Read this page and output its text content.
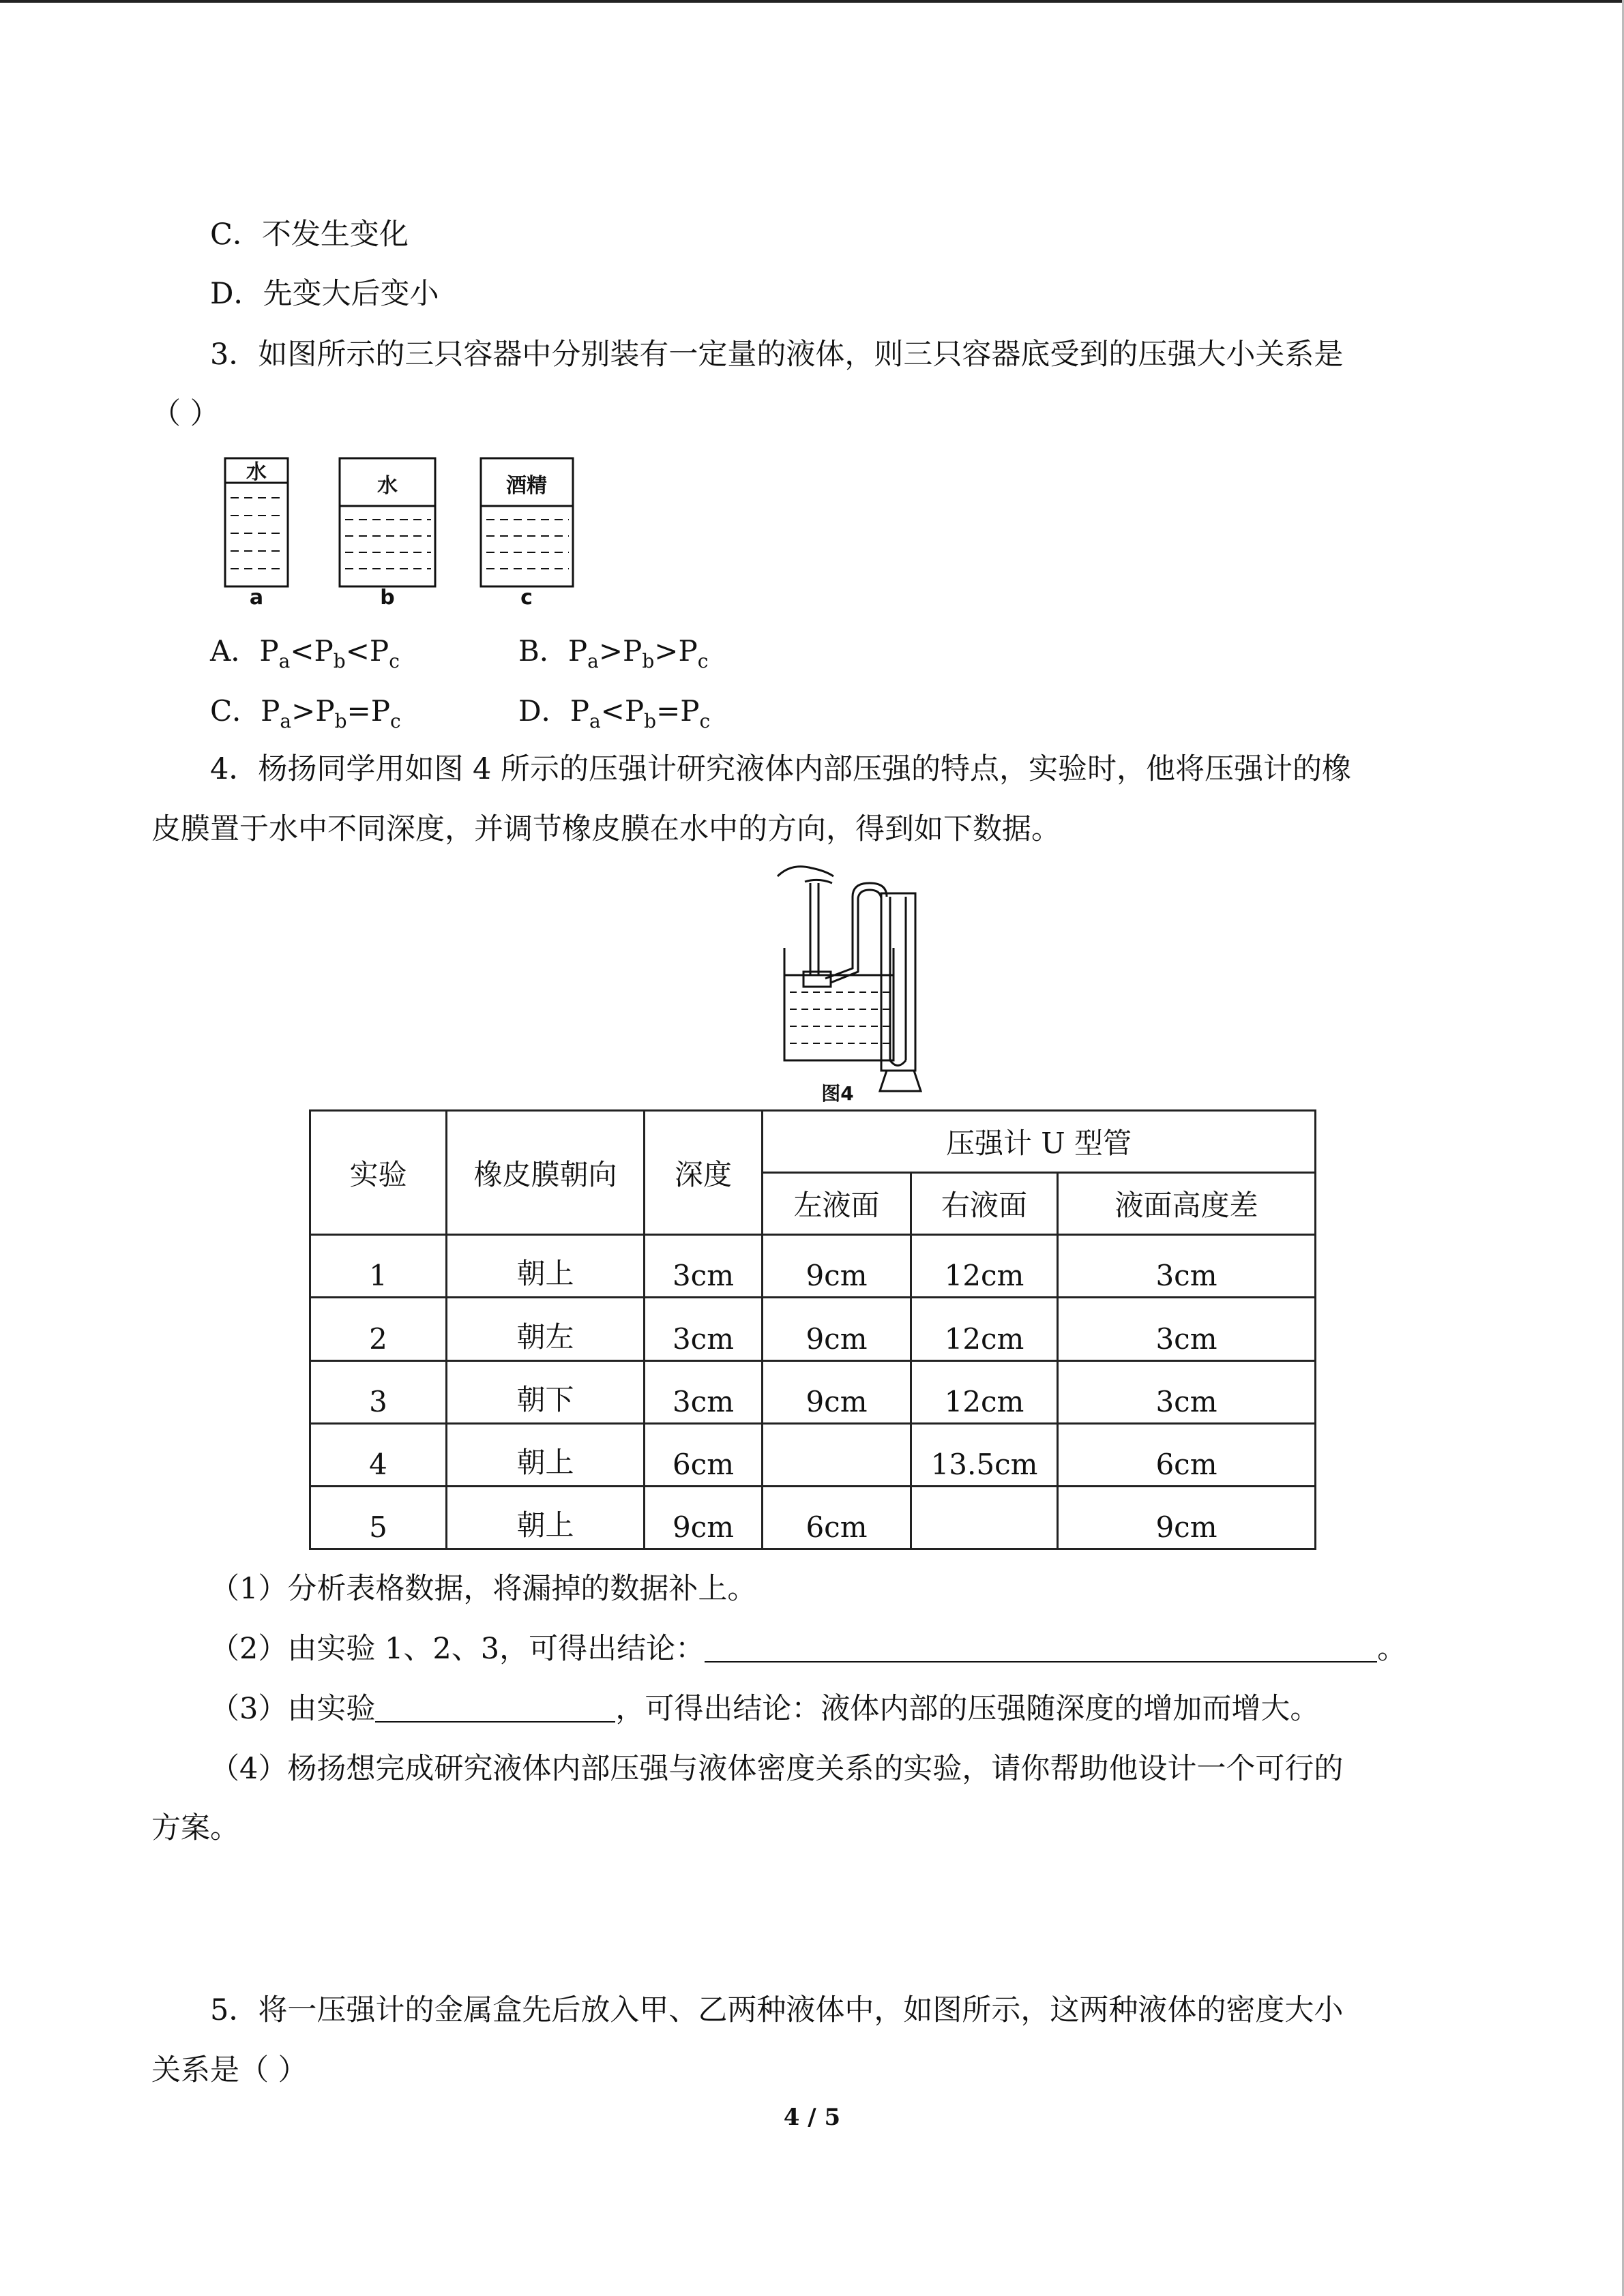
C．不发生变化
D．先变大后变小
3．如图所示的三只容器中分别装有一定量的液体，则三只容器底受到的压强大小关系是
（ ）
水
水	酒精
a	b	c
A．$P_a<P_b<P_c$	B．$P_a>P_b>P_c$
C．$P_a>P_b=P_c$	D．$P_a<P_b=P_c$
4．杨扬同学用如图 4 所示的压强计研究液体内部压强的特点，实验时，他将压强计的橡
皮膜置于水中不同深度，并调节橡皮膜在水中的方向，得到如下数据。
图4
实验	橡皮膜朝向	深度	压强计 U 型管		
			左液面	右液面	液面高度差
1	朝上	3cm	9cm	12cm	3cm
2	朝左	3cm	9cm	12cm	3cm
3	朝下	3cm	9cm	12cm	3cm
4	朝上	6cm		13.5cm	6cm
5	朝上	9cm	6cm		9cm
（1）分析表格数据，将漏掉的数据补上。
（2）由实验 1、2、3，可得出结论：	。
（3）由实验	，可得出结论：液体内部的压强随深度的增加而增大。
（4）杨扬想完成研究液体内部压强与液体密度关系的实验，请你帮助他设计一个可行的
方案。
5．将一压强计的金属盒先后放入甲、乙两种液体中，如图所示，这两种液体的密度大小
关系是（ ）
4 / 5
